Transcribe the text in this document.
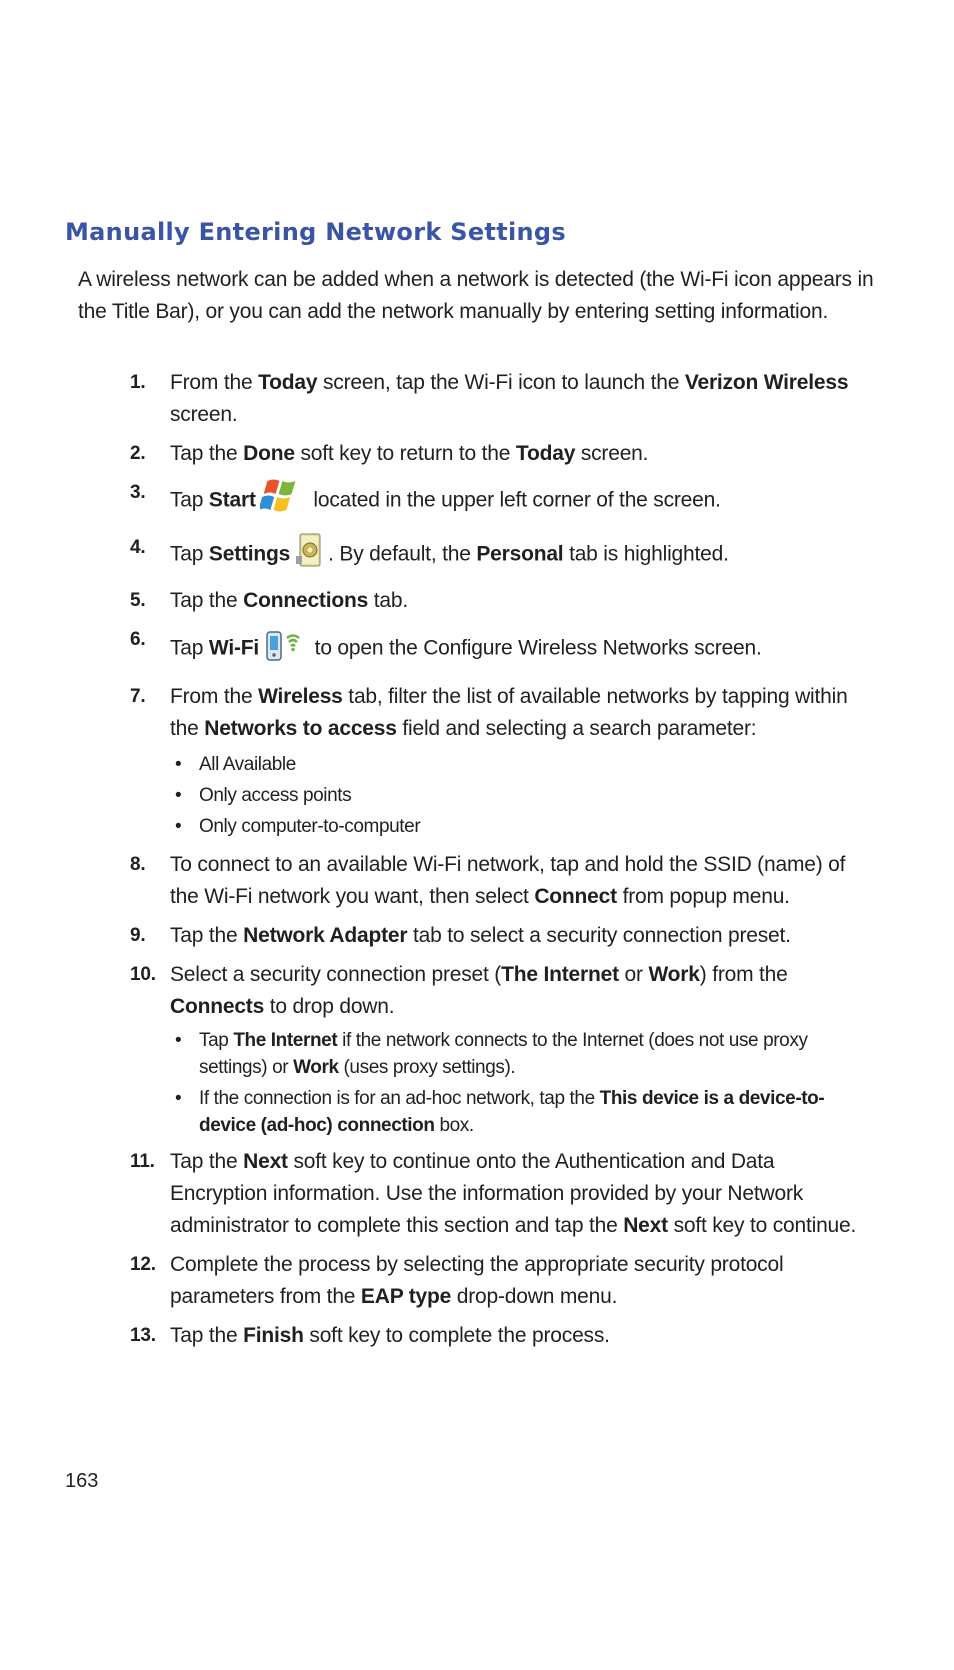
Manually Entering Network Settings

A wireless network can be added when a network is detected (the Wi-Fi icon appears in the Title Bar), or you can add the network manually by entering setting information.

1. From the Today screen, tap the Wi-Fi icon to launch the Verizon Wireless screen.
2. Tap the Done soft key to return to the Today screen.
3. Tap Start located in the upper left corner of the screen.
4. Tap Settings . By default, the Personal tab is highlighted.
5. Tap the Connections tab.
6. Tap Wi-Fi to open the Configure Wireless Networks screen.
7. From the Wireless tab, filter the list of available networks by tapping within the Networks to access field and selecting a search parameter:
• All Available
• Only access points
• Only computer-to-computer
8. To connect to an available Wi-Fi network, tap and hold the SSID (name) of the Wi-Fi network you want, then select Connect from popup menu.
9. Tap the Network Adapter tab to select a security connection preset.
10. Select a security connection preset (The Internet or Work) from the Connects to drop down.
• Tap The Internet if the network connects to the Internet (does not use proxy settings) or Work (uses proxy settings).
• If the connection is for an ad-hoc network, tap the This device is a device-to-device (ad-hoc) connection box.
11. Tap the Next soft key to continue onto the Authentication and Data Encryption information. Use the information provided by your Network administrator to complete this section and tap the Next soft key to continue.
12. Complete the process by selecting the appropriate security protocol parameters from the EAP type drop-down menu.
13. Tap the Finish soft key to complete the process.
163
